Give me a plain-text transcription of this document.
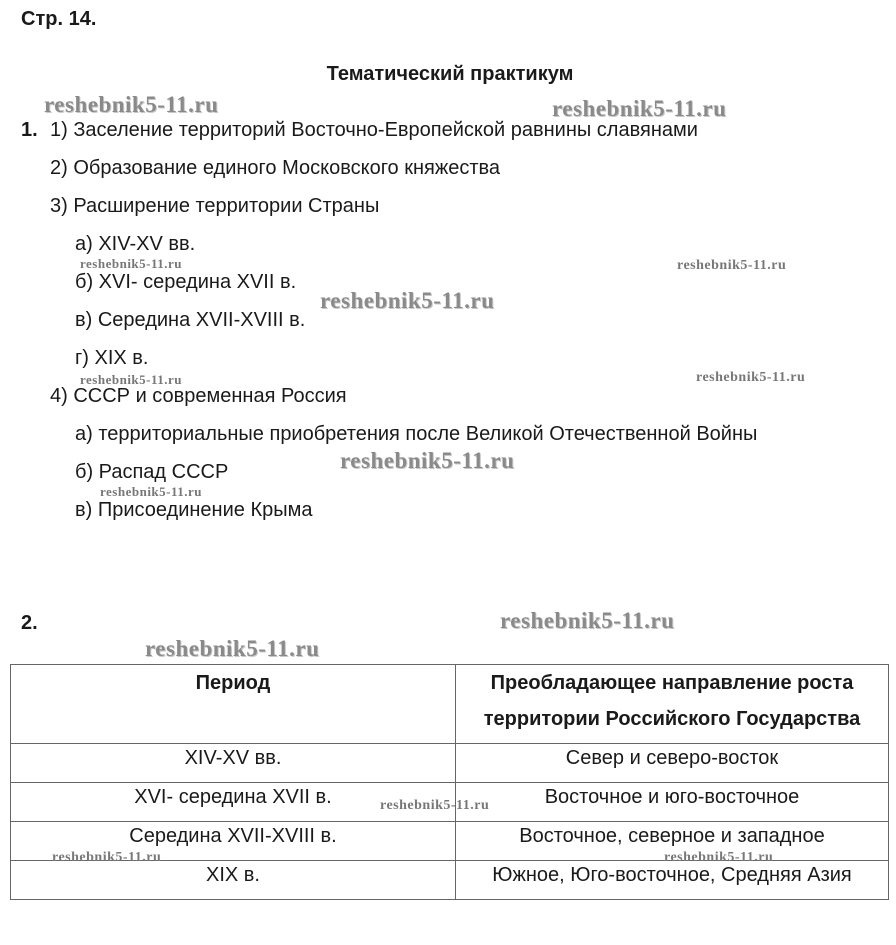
Стр. 14.
Тематический практикум
1. 1) Заселение территорий Восточно-Европейской равнины славянами
2) Образование единого Московского княжества
3) Расширение территории Страны
а) XIV-XV вв.
б) XVI- середина XVII в.
в) Середина XVII-XVIII в.
г) XIX в.
4) СССР и современная Россия
а) территориальные приобретения после Великой Отечественной Войны
б) Распад СССР
в) Присоединение Крыма
2.
Период	Преобладающее направление роста территории Российского Государства
XIV-XV вв.	Север и северо-восток
XVI- середина XVII в.	Восточное и юго-восточное
Середина XVII-XVIII в.	Восточное, северное и западное
XIX в.	Южное, Юго-восточное, Средняя Азия
reshebnik5-11.ru	reshebnik5-11.ru
reshebnik5-11.ru	reshebnik5-11.ru
reshebnik5-11.ru
reshebnik5-11.ru	reshebnik5-11.ru
reshebnik5-11.ru
reshebnik5-11.ru
reshebnik5-11.ru
reshebnik5-11.ru
reshebnik5-11.ru
reshebnik5-11.ru	reshebnik5-11.ru
